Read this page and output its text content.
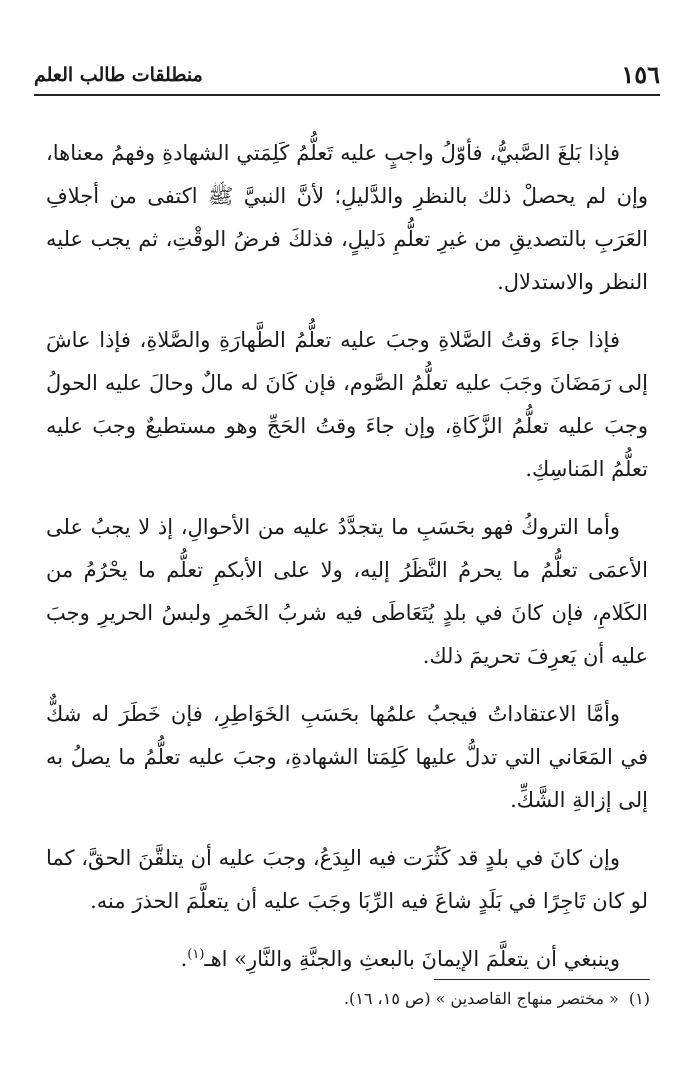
١٥٦
منطلقات طالب العلم

فإذا بَلغَ الصَّبيُّ، فأوّلُ واجبٍ عليه تَعلُّمُ كَلِمَتي الشهادةِ وفهمُ معناها، وإن لم يحصلْ ذلك بالنظرِ والدَّليلِ؛ لأنَّ النبيَّ ﷺ اكتفى من أجلافِ العَرَبِ بالتصديقِ من غيرِ تعلُّمِ دَليلٍ، فذلكَ فرضُ الوقْتِ، ثم يجب عليه النظر والاستدلال.

فإذا جاءَ وقتُ الصَّلاةِ وجبَ عليه تعلُّمُ الطَّهارَةِ والصَّلاةِ، فإذا عاشَ إلى رَمَضَانَ وجَبَ عليه تعلُّمُ الصَّوم، فإن كَانَ له مالٌ وحالَ عليه الحولُ وجبَ عليه تعلُّمُ الزَّكَاةِ، وإن جاءَ وقتُ الحَجِّ وهو مستطيعٌ وجبَ عليه تعلُّمُ المَناسِكِ.

وأما التروكُ فهو بحَسَبِ ما يتجدَّدُ عليه من الأحوالِ، إذ لا يجبُ على الأعمَى تعلُّمُ ما يحرمُ النَّظَرُ إليه، ولا على الأبكمِ تعلُّم ما يحْرُمُ من الكَلامِ، فإن كانَ في بلدٍ يُتَعَاطَى فيه شربُ الخَمرِ ولبسُ الحريرِ وجبَ عليه أن يَعرِفَ تحريمَ ذلك.

وأمَّا الاعتقاداتُ فيجبُ علمُها بحَسَبِ الخَوَاطِرِ، فإن خَطَرَ له شكٌّ في المَعَاني التي تدلُّ عليها كَلِمَتا الشهادةِ، وجبَ عليه تعلُّمُ ما يصلُ به إلى إزالةِ الشَّكِّ.

وإن كانَ في بلدٍ قد كَثُرَت فيه البِدَعُ، وجبَ عليه أن يتلقَّنَ الحقَّ، كما لو كان تَاجِرًا في بَلَدٍ شاعَ فيه الرِّبَا وجَبَ عليه أن يتعلَّمَ الحذرَ منه.

وينبغي أن يتعلَّمَ الإيمانَ بالبعثِ والجنَّةِ والنَّارِ» اهـ$^{(١)}$.

(١)« مختصر منهاج القاصدين » (ص ١٥، ١٦).
